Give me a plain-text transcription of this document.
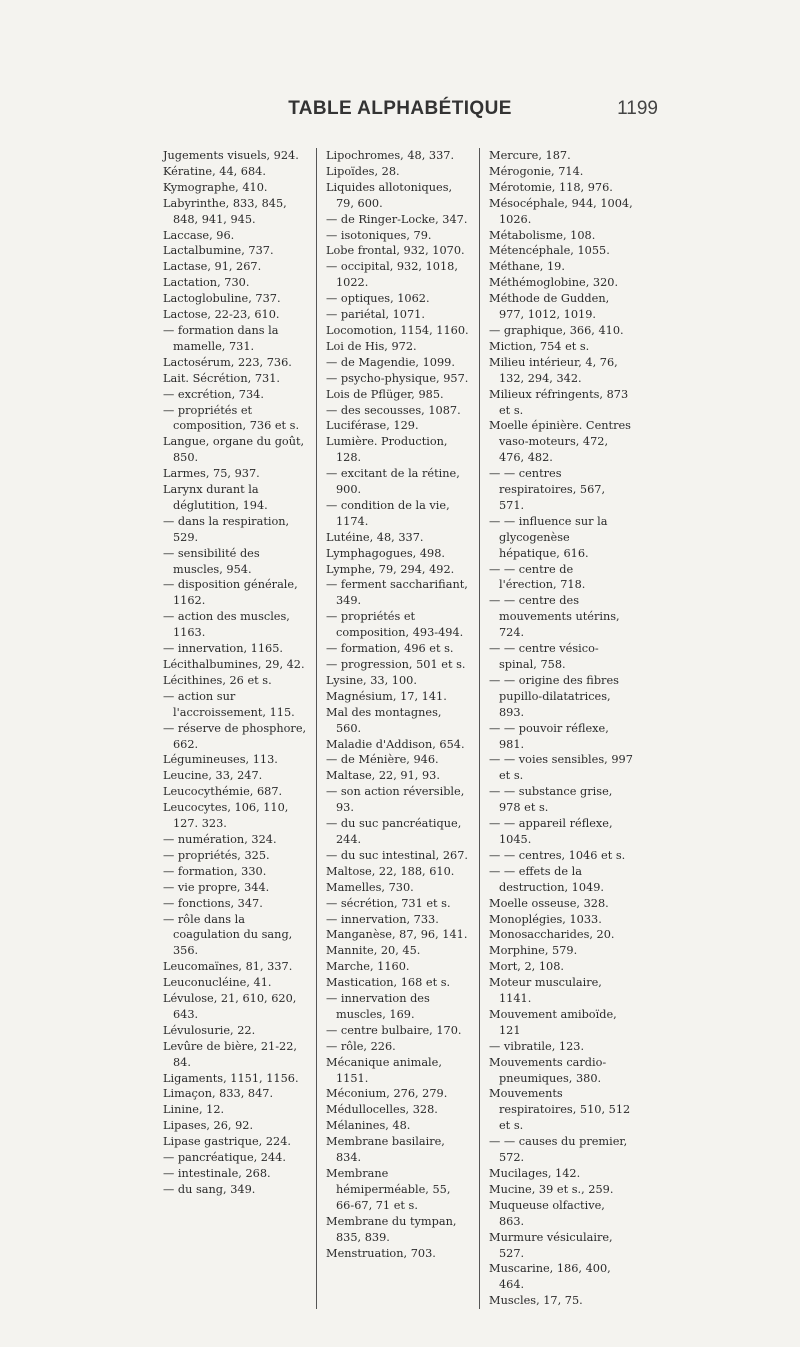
TABLE ALPHABÉTIQUE	1199

Jugements visuels, 924.

Kératine, 44, 684.

Kymographe, 410.

Labyrinthe, 833, 845, 848, 941, 945.

Laccase, 96.

Lactalbumine, 737.

Lactase, 91, 267.

Lactation, 730.

Lactoglobuline, 737.

Lactose, 22-23, 610.

— formation dans la mamelle, 731.

Lactosérum, 223, 736.

Lait. Sécrétion, 731.

— excrétion, 734.

— propriétés et composition, 736 et s.

Langue, organe du goût, 850.

Larmes, 75, 937.

Larynx durant la déglutition, 194.

— dans la respiration, 529.

— sensibilité des muscles, 954.

— disposition générale, 1162.

— action des muscles, 1163.

— innervation, 1165.

Lécithalbumines, 29, 42.

Lécithines, 26 et s.

— action sur l'accroissement, 115.

— réserve de phosphore, 662.

Légumineuses, 113.

Leucine, 33, 247.

Leucocythémie, 687.

Leucocytes, 106, 110, 127. 323.

— numération, 324.

— propriétés, 325.

— formation, 330.

— vie propre, 344.

— fonctions, 347.

— rôle dans la coagulation du sang, 356.

Leucomaïnes, 81, 337.

Leuconucléine, 41.

Lévulose, 21, 610, 620, 643.

Lévulosurie, 22.

Levûre de bière, 21-22, 84.

Ligaments, 1151, 1156.

Limaçon, 833, 847.

Linine, 12.

Lipases, 26, 92.

Lipase gastrique, 224.

— pancréatique, 244.

— intestinale, 268.

— du sang, 349.

Lipochromes, 48, 337.

Lipoïdes, 28.

Liquides allotoniques, 79, 600.

— de Ringer-Locke, 347.

— isotoniques, 79.

Lobe frontal, 932, 1070.

— occipital, 932, 1018, 1022.

— optiques, 1062.

— pariétal, 1071.

Locomotion, 1154, 1160.

Loi de His, 972.

— de Magendie, 1099.

— psycho-physique, 957.

Lois de Pflüger, 985.

— des secousses, 1087.

Luciférase, 129.

Lumière. Production, 128.

— excitant de la rétine, 900.

— condition de la vie, 1174.

Lutéine, 48, 337.

Lymphagogues, 498.

Lymphe, 79, 294, 492.

— ferment saccharifiant, 349.

— propriétés et composition, 493-494.

— formation, 496 et s.

— progression, 501 et s.

Lysine, 33, 100.

Magnésium, 17, 141.

Mal des montagnes, 560.

Maladie d'Addison, 654.

— de Ménière, 946.

Maltase, 22, 91, 93.

— son action réversible, 93.

— du suc pancréatique, 244.

— du suc intestinal, 267.

Maltose, 22, 188, 610.

Mamelles, 730.

— sécrétion, 731 et s.

— innervation, 733.

Manganèse, 87, 96, 141.

Mannite, 20, 45.

Marche, 1160.

Mastication, 168 et s.

— innervation des muscles, 169.

— centre bulbaire, 170.

— rôle, 226.

Mécanique animale, 1151.

Méconium, 276, 279.

Médullocelles, 328.

Mélanines, 48.

Membrane basilaire, 834.

Membrane hémiperméable, 55, 66-67, 71 et s.

Membrane du tympan, 835, 839.

Menstruation, 703.

Mercure, 187.

Mérogonie, 714.

Mérotomie, 118, 976.

Mésocéphale, 944, 1004, 1026.

Métabolisme, 108.

Métencéphale, 1055.

Méthane, 19.

Méthémoglobine, 320.

Méthode de Gudden, 977, 1012, 1019.

— graphique, 366, 410.

Miction, 754 et s.

Milieu intérieur, 4, 76, 132, 294, 342.

Milieux réfringents, 873 et s.

Moelle épinière. Centres vaso-moteurs, 472, 476, 482.

— — centres respiratoires, 567, 571.

— — influence sur la glycogenèse hépatique, 616.

— — centre de l'érection, 718.

— — centre des mouvements utérins, 724.

— — centre vésico-spinal, 758.

— — origine des fibres pupillo-dilatatrices, 893.

— — pouvoir réflexe, 981.

— — voies sensibles, 997 et s.

— — substance grise, 978 et s.

— — appareil réflexe, 1045.

— — centres, 1046 et s.

— — effets de la destruction, 1049.

Moelle osseuse, 328.

Monoplégies, 1033.

Monosaccharides, 20.

Morphine, 579.

Mort, 2, 108.

Moteur musculaire, 1141.

Mouvement amiboïde, 121

— vibratile, 123.

Mouvements cardio-pneumiques, 380.

Mouvements respiratoires, 510, 512 et s.

— — causes du premier, 572.

Mucilages, 142.

Mucine, 39 et s., 259.

Muqueuse olfactive, 863.

Murmure vésiculaire, 527.

Muscarine, 186, 400, 464.

Muscles, 17, 75.
